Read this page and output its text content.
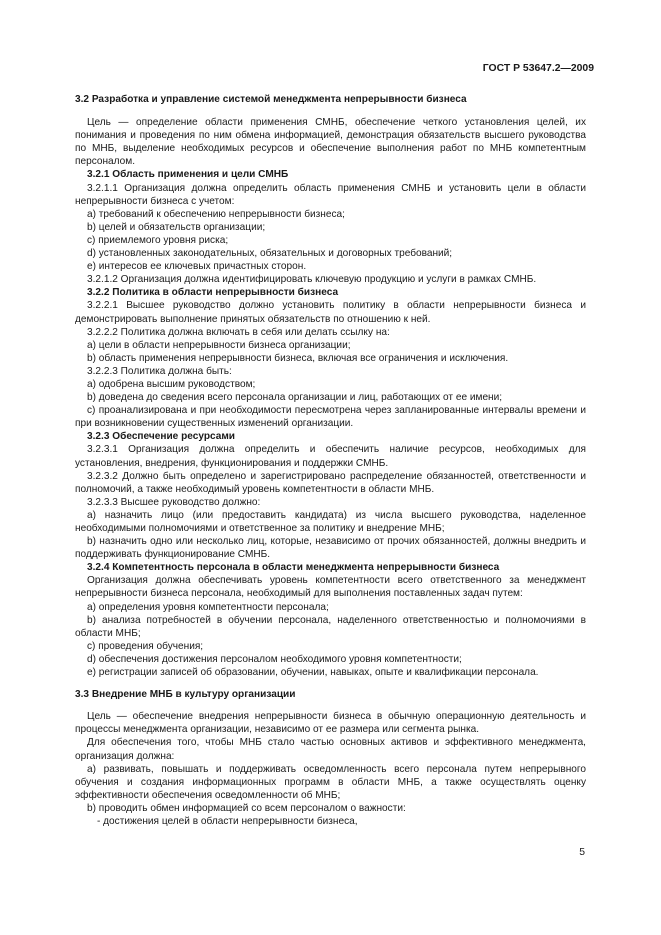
ГОСТ Р 53647.2—2009

3.2 Разработка и управление системой менеджмента непрерывности бизнеса

Цель — определение области применения СМНБ, обеспечение четкого установления целей, их понимания и проведения по ним обмена информацией, демонстрация обязательств высшего руководства по МНБ, выделение необходимых ресурсов и обеспечение выполнения работ по МНБ компетентным персоналом.

3.2.1 Область применения и цели СМНБ

3.2.1.1 Организация должна определить область применения СМНБ и установить цели в области непрерывности бизнеса с учетом:

a) требований к обеспечению непрерывности бизнеса;

b) целей и обязательств организации;

c) приемлемого уровня риска;

d) установленных законодательных, обязательных и договорных требований;

e) интересов ее ключевых причастных сторон.

3.2.1.2 Организация должна идентифицировать ключевую продукцию и услуги в рамках СМНБ.

3.2.2 Политика в области непрерывности бизнеса

3.2.2.1 Высшее руководство должно установить политику в области непрерывности бизнеса и демонстрировать выполнение принятых обязательств по отношению к ней.

3.2.2.2 Политика должна включать в себя или делать ссылку на:

a) цели в области непрерывности бизнеса организации;

b) область применения непрерывности бизнеса, включая все ограничения и исключения.

3.2.2.3 Политика должна быть:

a) одобрена высшим руководством;

b) доведена до сведения всего персонала организации и лиц, работающих от ее имени;

c) проанализирована и при необходимости пересмотрена через запланированные интервалы времени и при возникновении существенных изменений организации.

3.2.3 Обеспечение ресурсами

3.2.3.1 Организация должна определить и обеспечить наличие ресурсов, необходимых для установления, внедрения, функционирования и поддержки СМНБ.

3.2.3.2 Должно быть определено и зарегистрировано распределение обязанностей, ответственности и полномочий, а также необходимый уровень компетентности в области МНБ.

3.2.3.3 Высшее руководство должно:

a) назначить лицо (или предоставить кандидата) из числа высшего руководства, наделенное необходимыми полномочиями и ответственное за политику и внедрение МНБ;

b) назначить одно или несколько лиц, которые, независимо от прочих обязанностей, должны внедрить и поддерживать функционирование СМНБ.

3.2.4 Компетентность персонала в области менеджмента непрерывности бизнеса

Организация должна обеспечивать уровень компетентности всего ответственного за менеджмент непрерывности бизнеса персонала, необходимый для выполнения поставленных задач путем:

a) определения уровня компетентности персонала;

b) анализа потребностей в обучении персонала, наделенного ответственностью и полномочиями в области МНБ;

c) проведения обучения;

d) обеспечения достижения персоналом необходимого уровня компетентности;

e) регистрации записей об образовании, обучении, навыках, опыте и квалификации персонала.

3.3 Внедрение МНБ в культуру организации

Цель — обеспечение внедрения непрерывности бизнеса в обычную операционную деятельность и процессы менеджмента организации, независимо от ее размера или сегмента рынка.

Для обеспечения того, чтобы МНБ стало частью основных активов и эффективного менеджмента, организация должна:

a) развивать, повышать и поддерживать осведомленность всего персонала путем непрерывного обучения и создания информационных программ в области МНБ, а также осуществлять оценку эффективности обеспечения осведомленности об МНБ;

b) проводить обмен информацией со всем персоналом о важности:

- достижения целей в области непрерывности бизнеса,

5
